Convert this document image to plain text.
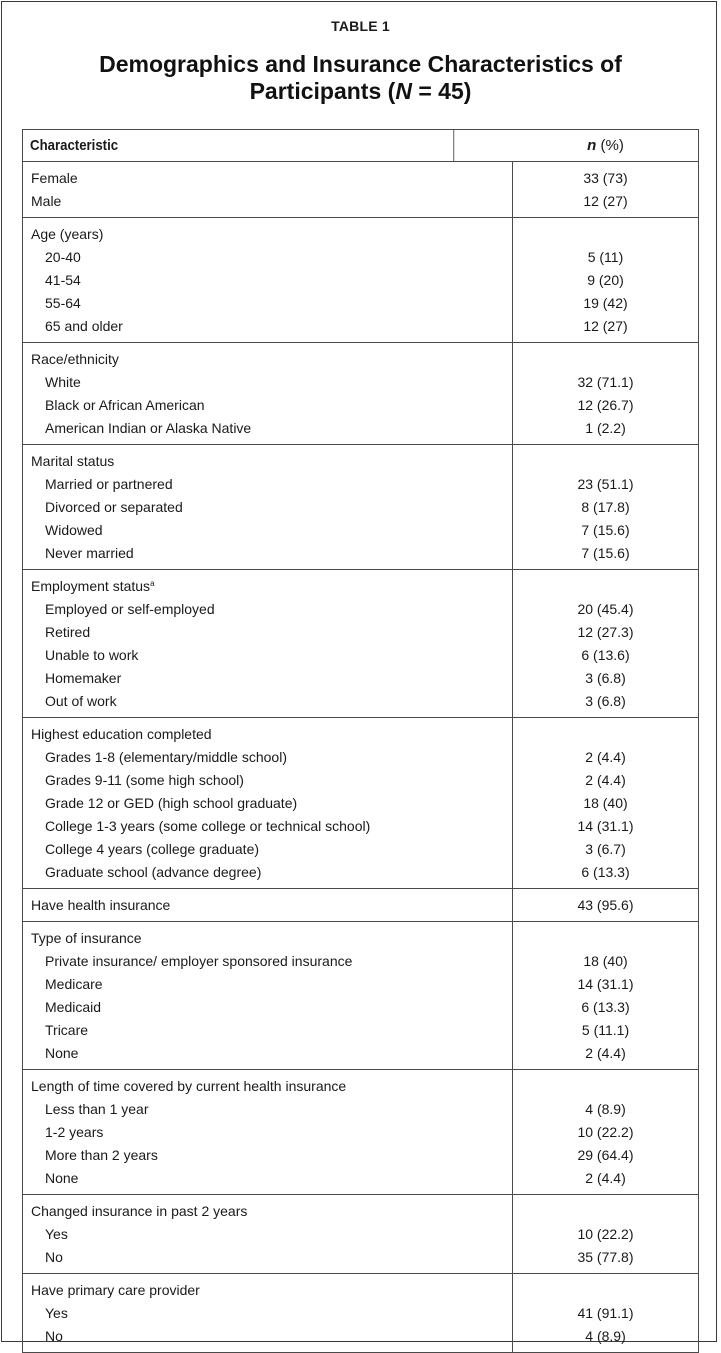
TABLE 1
Demographics and Insurance Characteristics of
Participants (N = 45)
Characteristic	n (%)
Female
Male
33 (73)
12 (27)
Age (years)
20-40
41-54
55-64
65 and older
5 (11)
9 (20)
19 (42)
12 (27)
Race/ethnicity
White
Black or African American
American Indian or Alaska Native
32 (71.1)
12 (26.7)
1 (2.2)
Marital status
Married or partnered
Divorced or separated
Widowed
Never married
23 (51.1)
8 (17.8)
7 (15.6)
7 (15.6)
Employment status$^a$
Employed or self-employed
Retired
Unable to work
Homemaker
Out of work
20 (45.4)
12 (27.3)
6 (13.6)
3 (6.8)
3 (6.8)
Highest education completed
Grades 1-8 (elementary/middle school)
Grades 9-11 (some high school)
Grade 12 or GED (high school graduate)
College 1-3 years (some college or technical school)
College 4 years (college graduate)
Graduate school (advance degree)
2 (4.4)
2 (4.4)
18 (40)
14 (31.1)
3 (6.7)
6 (13.3)
Have health insurance	43 (95.6)
Type of insurance
Private insurance/ employer sponsored insurance
Medicare
Medicaid
Tricare
None
18 (40)
14 (31.1)
6 (13.3)
5 (11.1)
2 (4.4)
Length of time covered by current health insurance
Less than 1 year
1-2 years
More than 2 years
None
4 (8.9)
10 (22.2)
29 (64.4)
2 (4.4)
Changed insurance in past 2 years
Yes
No
10 (22.2)
35 (77.8)
Have primary care provider
Yes
No
41 (91.1)
4 (8.9)
